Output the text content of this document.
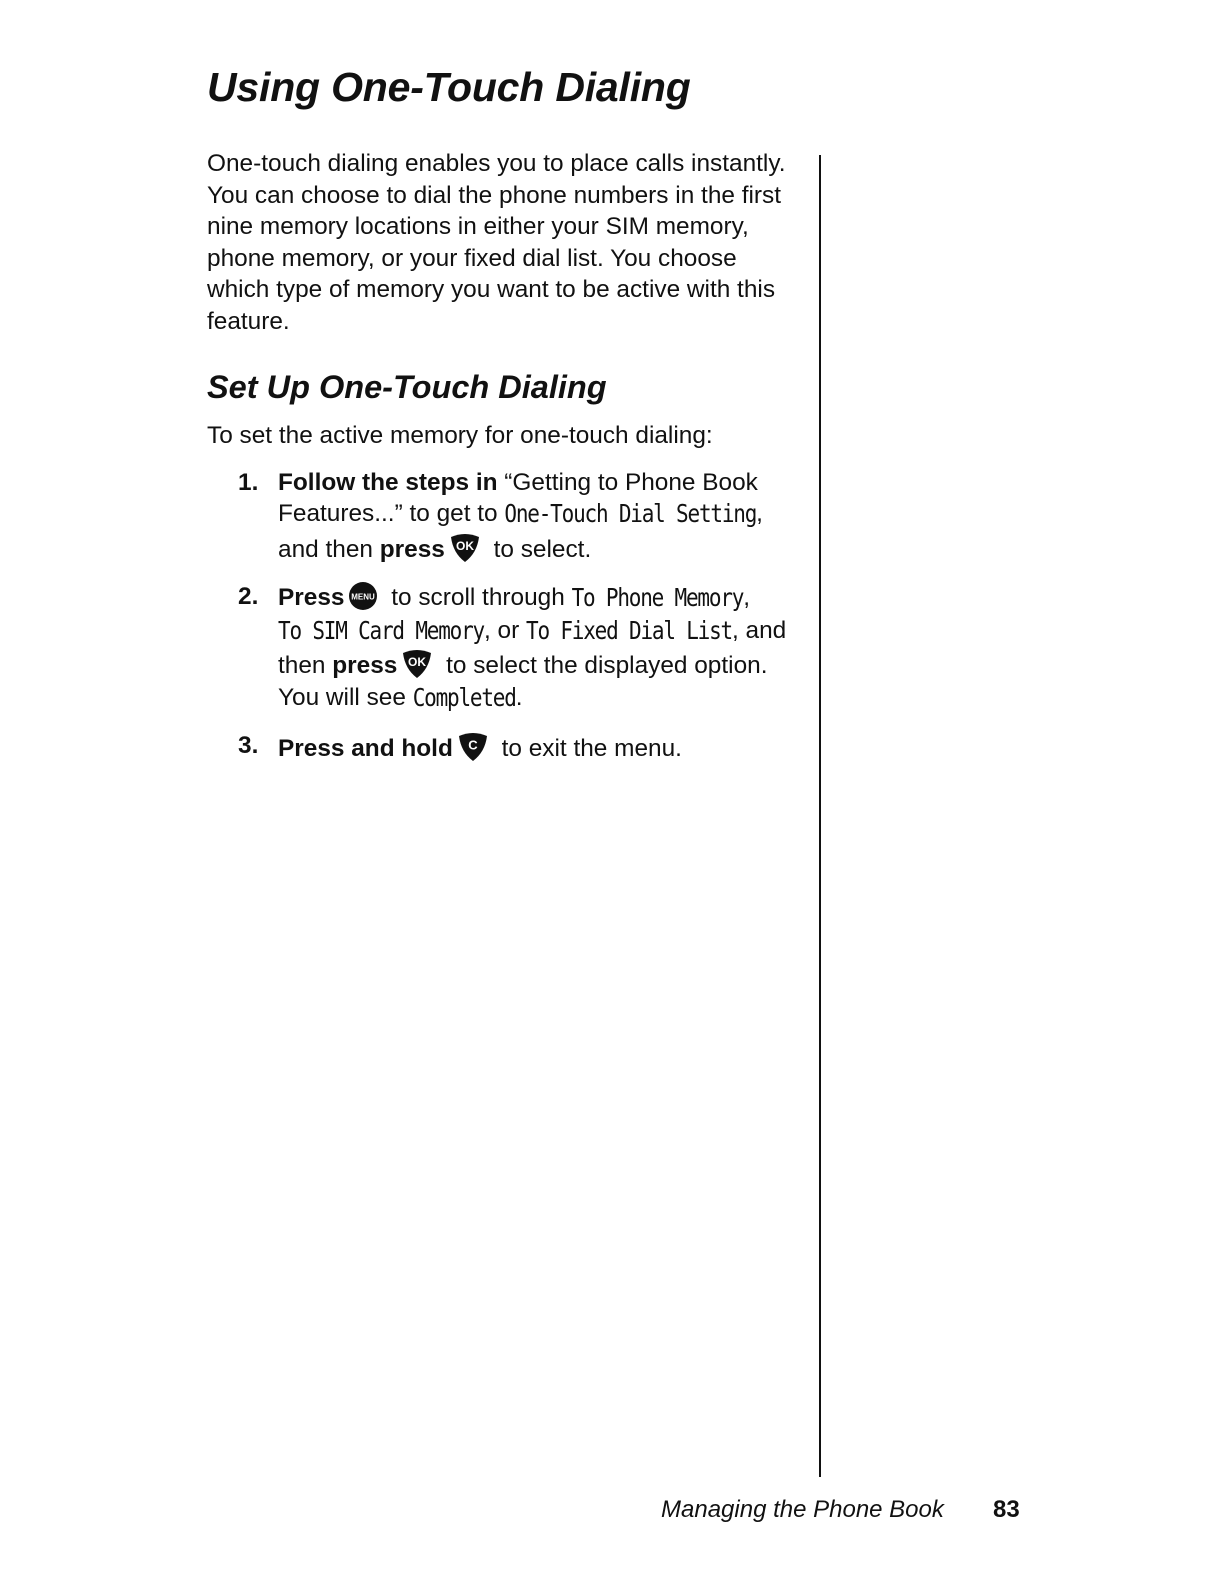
Using One-Touch Dialing

One-touch dialing enables you to place calls instantly. You can choose to dial the phone numbers in the first nine memory locations in either your SIM memory, phone memory, or your fixed dial list. You choose which type of memory you want to be active with this feature.

Set Up One-Touch Dialing

To set the active memory for one-touch dialing:

1. Follow the steps in “Getting to Phone Book Features...” to get to One-Touch Dial Setting, and then press OK to select.
2. Press MENU to scroll through To Phone Memory, To SIM Card Memory, or To Fixed Dial List, and then press OK to select the displayed option. You will see Completed.
3. Press and hold C to exit the menu.
Managing the Phone Book 83
